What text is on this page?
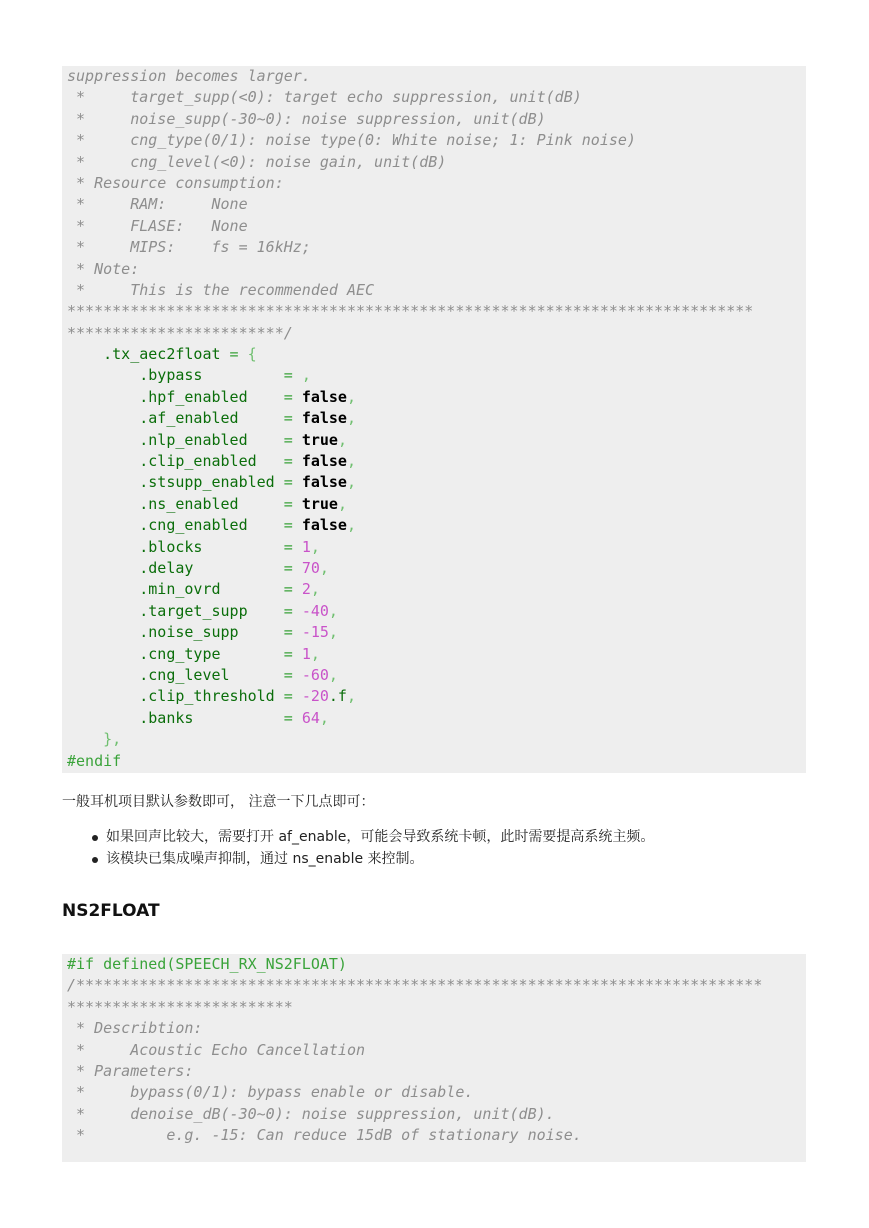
suppression becomes larger.
*     target_supp(<0): target echo suppression, unit(dB)
*     noise_supp(-30~0): noise suppression, unit(dB)
*     cng_type(0/1): noise type(0: White noise; 1: Pink noise)
*     cng_level(<0): noise gain, unit(dB)
* Resource consumption:
*     RAM:     None
*     FLASE:   None
*     MIPS:    fs = 16kHz;
* Note:
*     This is the recommended AEC
****************************************************************************
************************/
.tx_aec2float = {
.bypass	= ,
.hpf_enabled = false,
.af_enabled	= false,
.nlp_enabled = true,
.clip_enabled = false,
.stsupp_enabled = false,
.ns_enabled	= true,
.cng_enabled = false,
.blocks	= 1,
.delay	= 70,
.min_ovrd	= 2,
.target_supp = -40,
.noise_supp	= -15,
.cng_type	= 1,
.cng_level	= -60,
.clip_threshold = -20.f,
.banks	= 64,
},
#endif
一般耳机项目默认参数即可， 注意一下几点即可：
如果回声比较大，需要打开 af_enable，可能会导致系统卡顿，此时需要提高系统主频。
该模块已集成噪声抑制，通过 ns_enable 来控制。
NS2FLOAT
#if defined(SPEECH_RX_NS2FLOAT)
/****************************************************************************
*************************
* Describtion:
*     Acoustic Echo Cancellation
* Parameters:
*     bypass(0/1): bypass enable or disable.
*     denoise_dB(-30~0): noise suppression, unit(dB).
*         e.g. -15: Can reduce 15dB of stationary noise.
